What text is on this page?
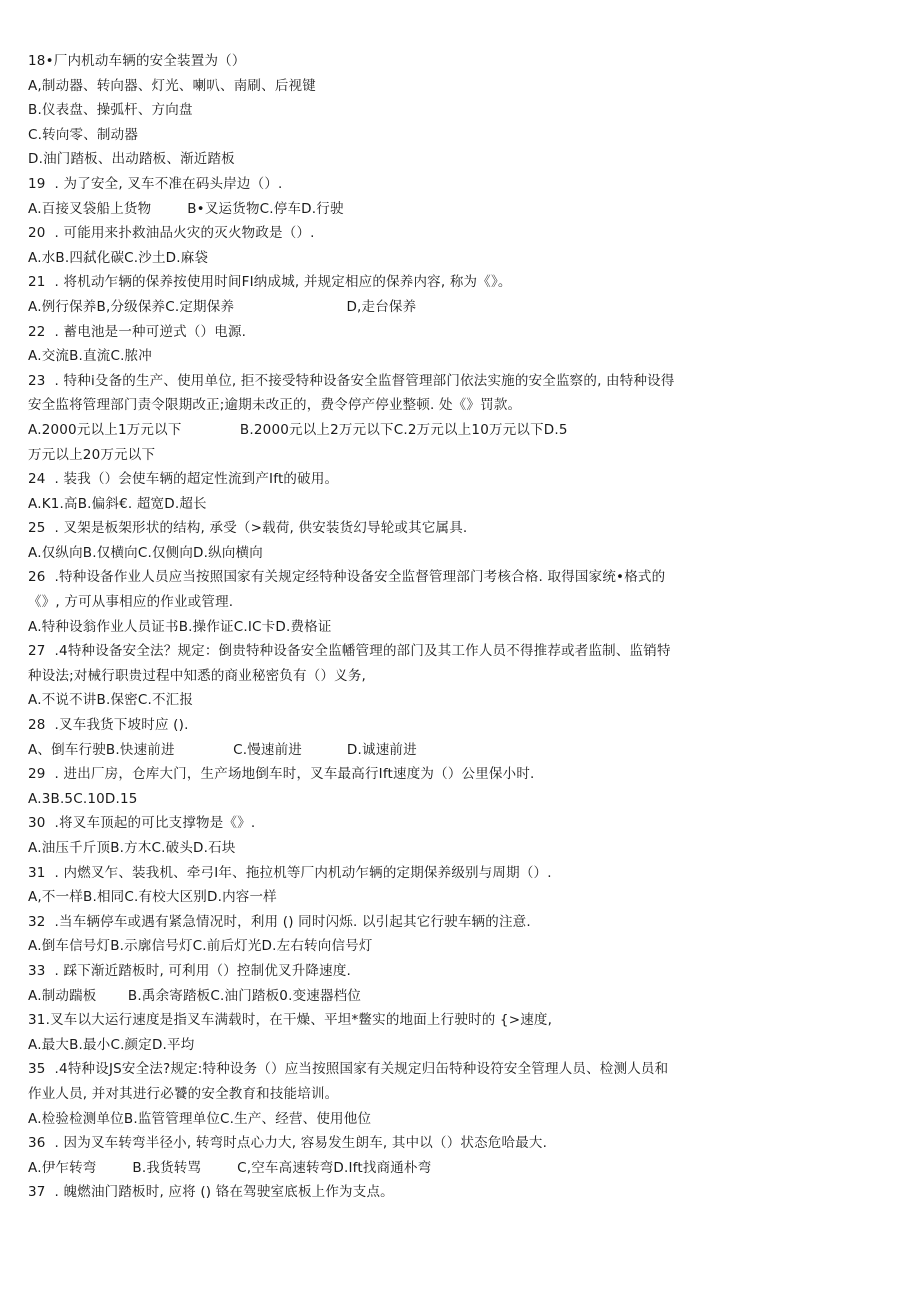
18•厂内机动车辆的安全装置为（）
A,制动器、转向器、灯光、喇叭、南刷、后视键
B.仪表盘、操弧杆、方向盘
C.转向零、制动器
D.油门踏板、出动踏板、渐近踏板
19  . 为了安全, 叉车不准在码头岸边（）.
A.百接叉袋船上货物        B•叉运货物C.停车D.行驶
20  . 可能用来扑救油品火灾的灭火物政是（）.
A.水B.四弑化碳C.沙土D.麻袋
21  . 将机动乍辆的保养按使用时间FI纳成城, 并规定相应的保养内容, 称为《》。
A.例行保养B,分级保养C.定期保养                         D,走台保养
22  . 蓄电池是一种可逆式（）电源.
A.交流B.直流C.脓冲
23  . 特种i殳备的生产、使用单位, 拒不接受特种设备安全监督管理部门依法实施的安全监察的, 由特种设得
安全监将管理部门责令限期改正;逾期未改正的，费令停产停业整顿. 处《》罚款。
A.2000元以上1万元以下             B.2000元以上2万元以下C.2万元以上10万元以下D.5
万元以上20万元以下
24  . 装我（）会使车辆的超定性流到产Ift的破用。
A.K1.高B.偏斜€. 超宽D.超长
25  . 叉架是板架形状的结构, 承受（>载荷, 供安装货幻导轮或其它属具.
A.仅纵向B.仅横向C.仅侧向D.纵向横向
26  .特种设备作业人员应当按照国家有关规定经特种设备安全监督管理部门考核合格. 取得国家统•格式的
《》, 方可从事相应的作业或管理.
A.特种设翁作业人员证书B.操作证C.IC卡D.费格证
27  .4特种设备安全法？规定：倒贵特种设备安全监幡管理的部门及其工作人员不得推荐或者监制、监销特
种设法;对械行职贵过程中知悉的商业秘密负有（）义务,
A.不说不讲B.保密C.不汇报
28  .叉车我货下坡时应 ().
A、倒车行驶B.快速前进             C.慢速前进          D.诚速前进
29  . 进出厂房，仓库大门，生产场地倒车时，叉车最高行Ift速度为（）公里保小时.
A.3B.5C.10D.15
30  .将叉车顶起的可比支撑物是《》.
A.油压千斤顶B.方木C.破头D.石块
31  . 内燃叉乍、装我机、牵弓I年、拖拉机等厂内机动乍辆的定期保养级别与周期（）.
A,不一样B.相同C.有校大区别D.内容一样
32  .当车辆停车或遇有紧急情况时，利用 () 同时闪烁. 以引起其它行驶车辆的注意.
A.倒车信号灯B.示廓信号灯C.前后灯光D.左右转向信号灯
33  . 踩下渐近踏板时, 可利用（）控制优叉升降速度.
A.制动踹板       B.禹余寄踏板C.油门踏板0.变速器档位
31.叉车以大运行速度是指叉车满载时，在干燥、平坦*鳖实的地面上行驶时的 {>速度,
A.最大B.最小C.颜定D.平均
35  .4特种设JS安全法?规定:特种设务（）应当按照国家有关规定归缶特种设符安全管理人员、检测人员和
作业人员, 并对其进行必饕的安全教育和技能培训。
A.检验检测单位B.监管管理单位C.生产、经营、使用他位
36  . 因为叉车转弯半径小, 转弯时点心力大, 容易发生朗车, 其中以（）状态危哈最大.
A.伊乍转弯        B.我货转骂        C,空车高速转弯D.Ift找商通朴弯
37  . 魄燃油门踏板时, 应将 () 铬在驾驶室底板上作为支点。
